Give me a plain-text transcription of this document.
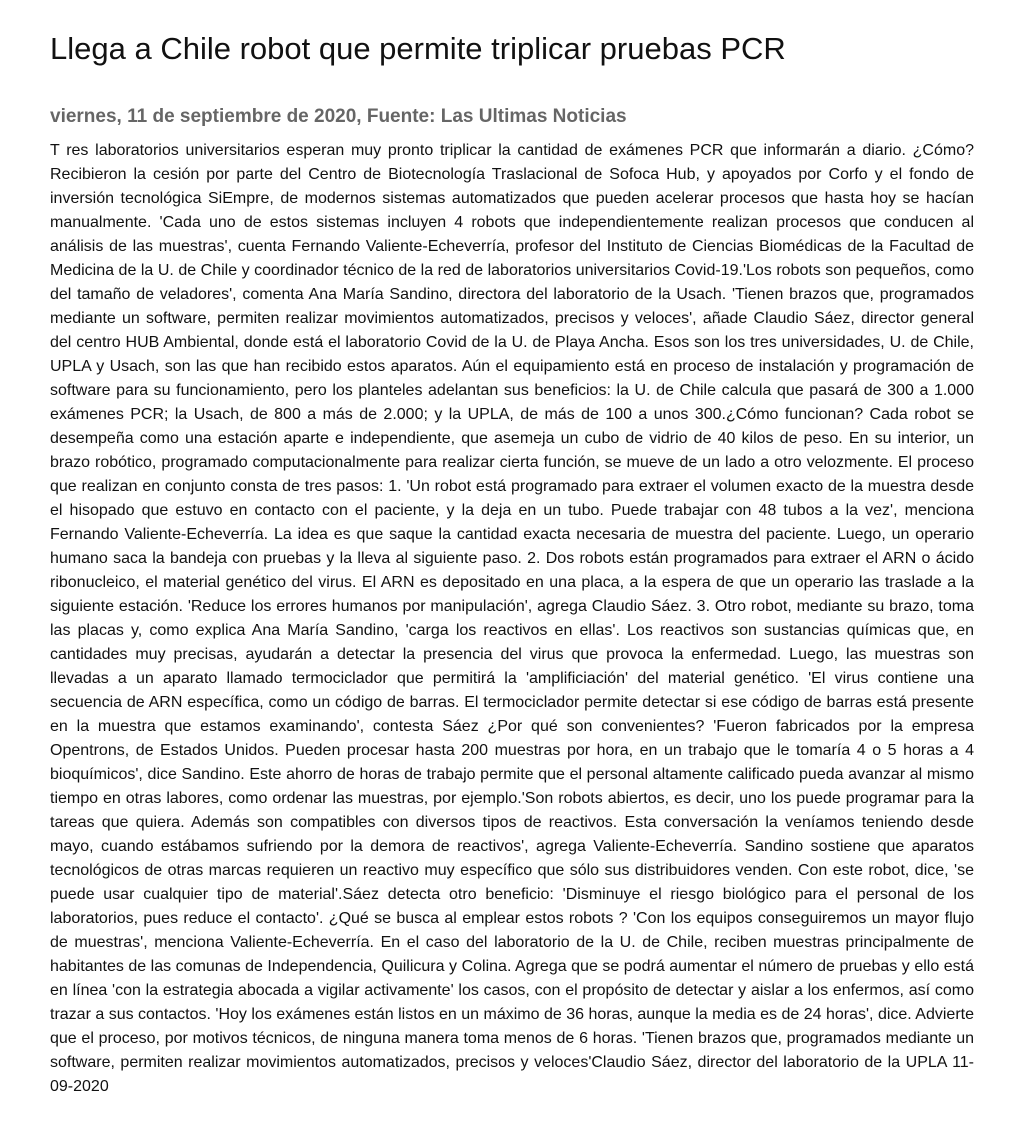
Llega a Chile robot que permite triplicar pruebas PCR
viernes, 11 de septiembre de 2020, Fuente: Las Ultimas Noticias

T res laboratorios universitarios esperan muy pronto triplicar la cantidad de exámenes PCR que informarán a diario. ¿Cómo? Recibieron la cesión por parte del Centro de Biotecnología Traslacional de Sofoca Hub, y apoyados por Corfo y el fondo de inversión tecnológica SiEmpre, de modernos sistemas automatizados que pueden acelerar procesos que hasta hoy se hacían manualmente. 'Cada uno de estos sistemas incluyen 4 robots que independientemente realizan procesos que conducen al análisis de las muestras', cuenta Fernando Valiente-Echeverría, profesor del Instituto de Ciencias Biomédicas de la Facultad de Medicina de la U. de Chile y coordinador técnico de la red de laboratorios universitarios Covid-19.'Los robots son pequeños, como del tamaño de veladores', comenta Ana María Sandino, directora del laboratorio de la Usach. 'Tienen brazos que, programados mediante un software, permiten realizar movimientos automatizados, precisos y veloces', añade Claudio Sáez, director general del centro HUB Ambiental, donde está el laboratorio Covid de la U. de Playa Ancha. Esos son los tres universidades, U. de Chile, UPLA y Usach, son las que han recibido estos aparatos. Aún el equipamiento está en proceso de instalación y programación de software para su funcionamiento, pero los planteles adelantan sus beneficios: la U. de Chile calcula que pasará de 300 a 1.000 exámenes PCR; la Usach, de 800 a más de 2.000; y la UPLA, de más de 100 a unos 300.¿Cómo funcionan? Cada robot se desempeña como una estación aparte e independiente, que asemeja un cubo de vidrio de 40 kilos de peso. En su interior, un brazo robótico, programado computacionalmente para realizar cierta función, se mueve de un lado a otro velozmente. El proceso que realizan en conjunto consta de tres pasos: 1. 'Un robot está programado para extraer el volumen exacto de la muestra desde el hisopado que estuvo en contacto con el paciente, y la deja en un tubo. Puede trabajar con 48 tubos a la vez', menciona Fernando Valiente-Echeverría. La idea es que saque la cantidad exacta necesaria de muestra del paciente. Luego, un operario humano saca la bandeja con pruebas y la lleva al siguiente paso. 2. Dos robots están programados para extraer el ARN o ácido ribonucleico, el material genético del virus. El ARN es depositado en una placa, a la espera de que un operario las traslade a la siguiente estación. 'Reduce los errores humanos por manipulación', agrega Claudio Sáez. 3. Otro robot, mediante su brazo, toma las placas y, como explica Ana María Sandino, 'carga los reactivos en ellas'. Los reactivos son sustancias químicas que, en cantidades muy precisas, ayudarán a detectar la presencia del virus que provoca la enfermedad. Luego, las muestras son llevadas a un aparato llamado termociclador que permitirá la 'amplificiación' del material genético. 'El virus contiene una secuencia de ARN específica, como un código de barras. El termociclador permite detectar si ese código de barras está presente en la muestra que estamos examinando', contesta Sáez ¿Por qué son convenientes? 'Fueron fabricados por la empresa Opentrons, de Estados Unidos. Pueden procesar hasta 200 muestras por hora, en un trabajo que le tomaría 4 o 5 horas a 4 bioquímicos', dice Sandino. Este ahorro de horas de trabajo permite que el personal altamente calificado pueda avanzar al mismo tiempo en otras labores, como ordenar las muestras, por ejemplo.'Son robots abiertos, es decir, uno los puede programar para la tareas que quiera. Además son compatibles con diversos tipos de reactivos. Esta conversación la veníamos teniendo desde mayo, cuando estábamos sufriendo por la demora de reactivos', agrega Valiente-Echeverría. Sandino sostiene que aparatos tecnológicos de otras marcas requieren un reactivo muy específico que sólo sus distribuidores venden. Con este robot, dice, 'se puede usar cualquier tipo de material'.Sáez detecta otro beneficio: 'Disminuye el riesgo biológico para el personal de los laboratorios, pues reduce el contacto'. ¿Qué se busca al emplear estos robots ? 'Con los equipos conseguiremos un mayor flujo de muestras', menciona Valiente-Echeverría. En el caso del laboratorio de la U. de Chile, reciben muestras principalmente de habitantes de las comunas de Independencia, Quilicura y Colina. Agrega que se podrá aumentar el número de pruebas y ello está en línea 'con la estrategia abocada a vigilar activamente' los casos, con el propósito de detectar y aislar a los enfermos, así como trazar a sus contactos. 'Hoy los exámenes están listos en un máximo de 36 horas, aunque la media es de 24 horas', dice. Advierte que el proceso, por motivos técnicos, de ninguna manera toma menos de 6 horas. 'Tienen brazos que, programados mediante un software, permiten realizar movimientos automatizados, precisos y veloces'Claudio Sáez, director del laboratorio de la UPLA 11-09-2020
